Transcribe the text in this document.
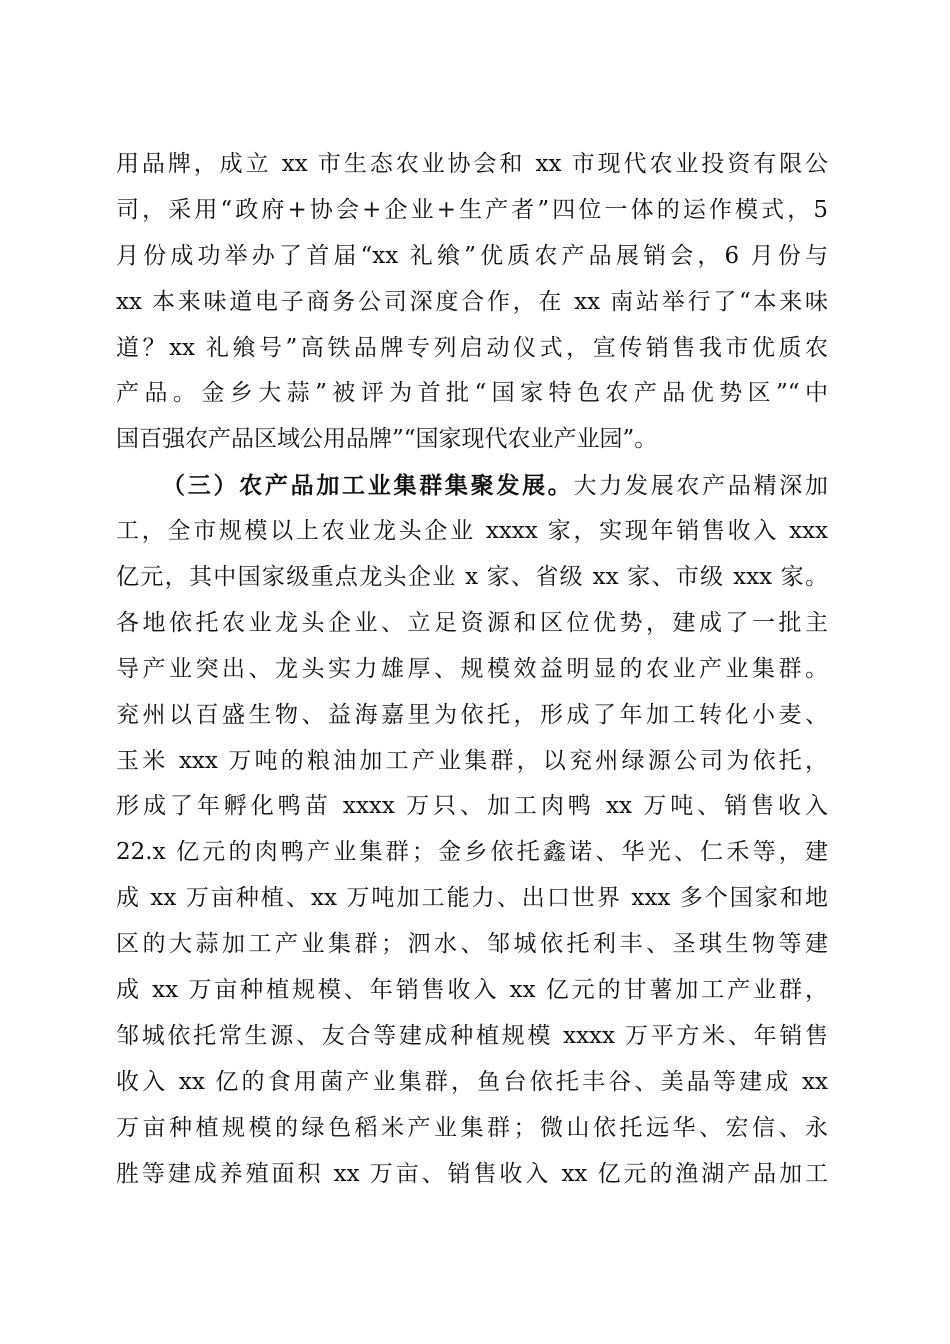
用品牌，成立 xx 市生态农业协会和 xx 市现代农业投资有限公
司，采用“政府+协会+企业+生产者”四位一体的运作模式，5
月份成功举办了首届“xx 礼飨”优质农产品展销会，6 月份与
xx 本来味道电子商务公司深度合作，在 xx 南站举行了“本来味
道？xx 礼飨号”高铁品牌专列启动仪式，宣传销售我市优质农
产品。金乡大蒜”被评为首批“国家特色农产品优势区”“中
国百强农产品区域公用品牌”“国家现代农业产业园”。
（三）农产品加工业集群集聚发展。大力发展农产品精深加
工，全市规模以上农业龙头企业 xxxx 家，实现年销售收入 xxx
亿元，其中国家级重点龙头企业 x 家、省级 xx 家、市级 xxx 家。
各地依托农业龙头企业、立足资源和区位优势，建成了一批主
导产业突出、龙头实力雄厚、规模效益明显的农业产业集群。
兖州以百盛生物、益海嘉里为依托，形成了年加工转化小麦、
玉米 xxx 万吨的粮油加工产业集群，以兖州绿源公司为依托，
形成了年孵化鸭苗 xxxx 万只、加工肉鸭 xx 万吨、销售收入
22.x 亿元的肉鸭产业集群；金乡依托鑫诺、华光、仁禾等，建
成 xx 万亩种植、xx 万吨加工能力、出口世界 xxx 多个国家和地
区的大蒜加工产业集群；泗水、邹城依托利丰、圣琪生物等建
成 xx 万亩种植规模、年销售收入 xx 亿元的甘薯加工产业群，
邹城依托常生源、友合等建成种植规模 xxxx 万平方米、年销售
收入 xx 亿的食用菌产业集群，鱼台依托丰谷、美晶等建成 xx
万亩种植规模的绿色稻米产业集群；微山依托远华、宏信、永
胜等建成养殖面积 xx 万亩、销售收入 xx 亿元的渔湖产品加工
